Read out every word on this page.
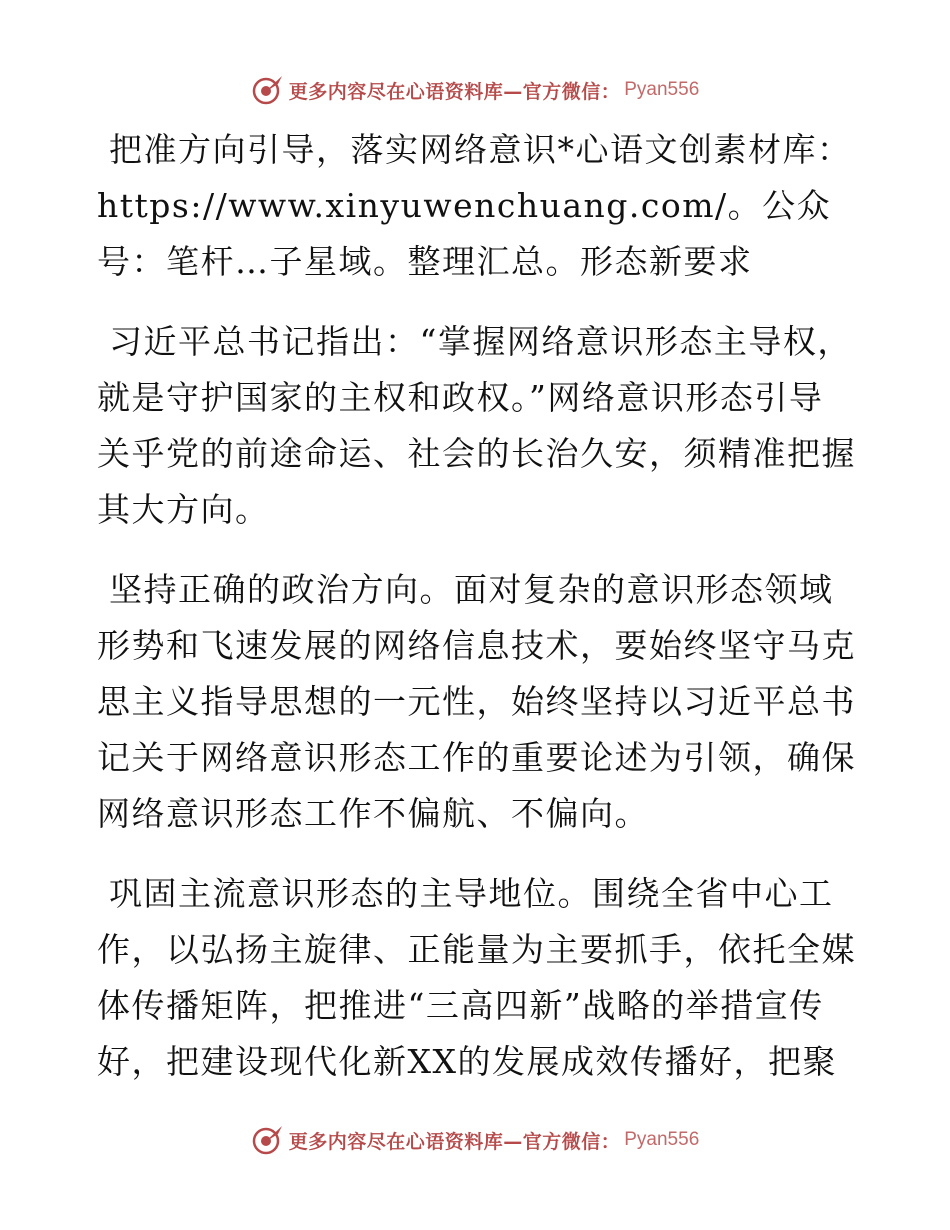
更多内容尽在心语资料库—官方微信： Pyan556

把准方向引导，落实网络意识*心语文创素材库：https://www.xinyuwenchuang.com/。公众号：笔杆…子星域。整理汇总。形态新要求

习近平总书记指出：“掌握网络意识形态主导权，就是守护国家的主权和政权。”网络意识形态引导关乎党的前途命运、社会的长治久安，须精准把握其大方向。

坚持正确的政治方向。面对复杂的意识形态领域形势和飞速发展的网络信息技术，要始终坚守马克思主义指导思想的一元性，始终坚持以习近平总书记关于网络意识形态工作的重要论述为引领，确保网络意识形态工作不偏航、不偏向。

巩固主流意识形态的主导地位。围绕全省中心工作，以弘扬主旋律、正能量为主要抓手，依托全媒体传播矩阵，把推进“三高四新”战略的举措宣传好，把建设现代化新XX的发展成效传播好，把聚

更多内容尽在心语资料库—官方微信： Pyan556
